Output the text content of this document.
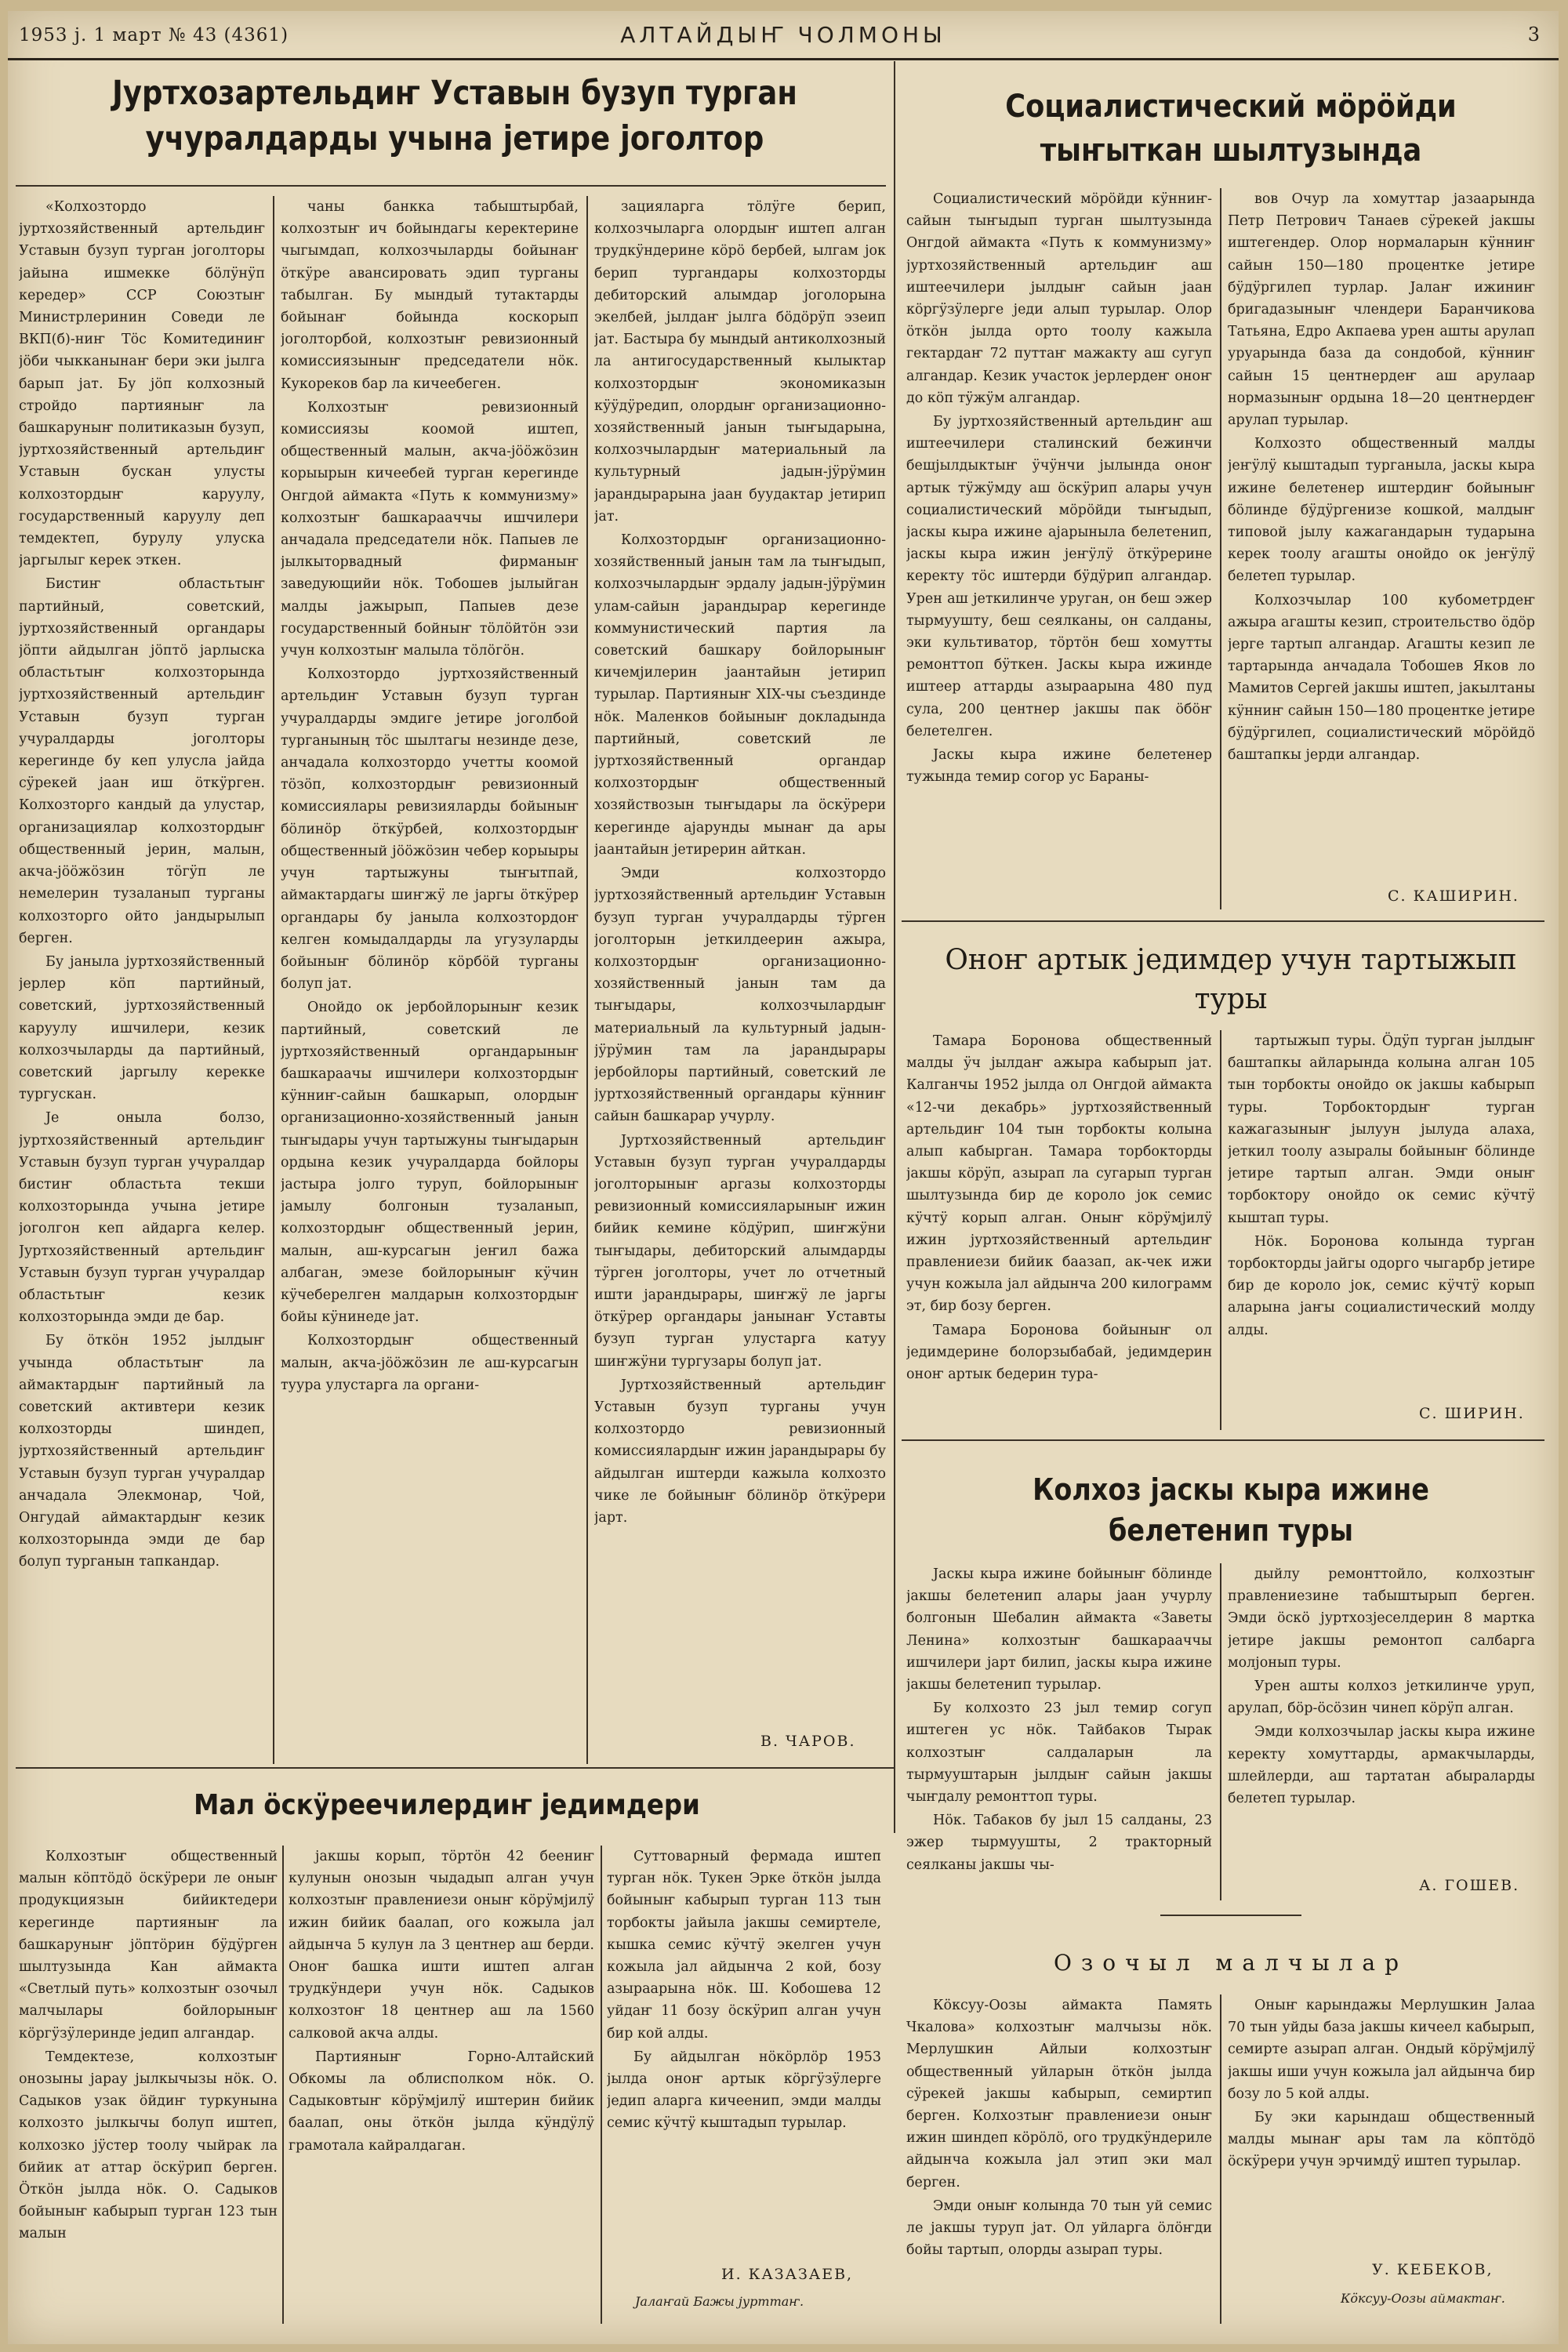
1953 ј. 1 март № 43 (4361)	АЛТАЙДЫҤ ЧОЛМОНЫ	3
Јуртхозартельдиҥ Уставын бузуп турган учуралдарды учына јетире јоголтор

«Колхозтордо јуртхозяйственный артельдиҥ Уставын бузуп турган јоголторы јайына ишмекке бӧлӱнӱп кередер» ССР Союзтыҥ Министрлеринин Соведи ле ВКП(б)-ниҥ Тӧс Комитединиҥ јӧби чыкканынаҥ бери эки јылга барып јат. Бу јӧп колхозный стройдо партияныҥ ла башкаруныҥ политиказын бузуп, јуртхозяйственный артельдиҥ Уставын бускан улусты колхозтордыҥ каруулу, государственный каруулу деп темдектеп, бурулу улуска јаргылыг керек эткен.

Бистиҥ областьтыҥ партийный, советский, јуртхозяйственный органдары јӧпти айдылган јӧптӧ јарлыска областьтыҥ колхозторында јуртхозяйственный артельдиҥ Уставын бузуп турган учуралдарды јоголторы керегинде бу кеп улусла јайда сӱрекей јаан иш ӧткӱрген. Колхозторго кандый да улустар, организациялар колхозтордыҥ общественный јерин, малын, акча-јӧӧжӧзин тӧгӱп ле немелерин тузаланып турганы колхозторго ойто јандырылып берген.

Бу јаныла јуртхозяйственный јерлер кӧп партийный, советский, јуртхозяйственный каруулу ишчилери, кезик колхозчыларды да партийный, советский јаргылу керекке тургускан.

Је оныла болзо, јуртхозяйственный артельдиҥ Уставын бузуп турган учуралдар бистиҥ областьта текши колхозторында учына јетире јоголгон кеп айдарга келер. Јуртхозяйственный артельдиҥ Уставын бузуп турган учуралдар областьтыҥ кезик колхозторында эмди де бар.

Бу ӧткӧн 1952 јылдыҥ учында областьтыҥ ла аймактардыҥ партийный ла советский активтери кезик колхозторды шиндеп, јуртхозяйственный артельдиҥ Уставын бузуп турган учуралдар анчадала Элекмонар, Чой, Онгудай аймактардыҥ кезик колхозторында эмди де бар болуп турганын тапкандар.

чаны банкка табыштырбай, колхозтыҥ ич бойындагы керектерине чыгымдап, колхозчыларды бойынаҥ ӧткӱре авансировать эдип турганы табылган. Бу мындый тутактарды бойынаҥ бойында коскорып јоголторбой, колхозтыҥ ревизионный комиссиязыныҥ председатели нӧк. Кукореков бар ла кичеебеген.

Колхозтыҥ ревизионный комиссиязы коомой иштеп, общественный малын, акча-јӧӧжӧзин корыырын кичеебей турган керегинде Онгдой аймакта «Путь к коммунизму» колхозтыҥ башкарааччы ишчилери анчадала председатели нӧк. Папыев ле јылкыторвадный фирманыҥ заведующийи нӧк. Тобошев јылыйган малды јажырып, Папыев дезе государственный бойныҥ тӧлӧйтӧн эзи учун колхозтыҥ малыла тӧлӧгӧн.

Колхозтордо јуртхозяйственный артельдиҥ Уставын бузуп турган учуралдарды эмдиге јетире јоголбой турганының тӧс шылтагы незинде дезе, анчадала колхозтордо учетты коомой тӧзӧп, колхозтордыҥ ревизионный комиссиялары ревизияларды бойыныҥ бӧлинӧр ӧткӱрбей, колхозтордыҥ общественный јӧӧжӧзин чебер корыыры учун тартыжуны тыҥытпай, аймактардагы шиҥжӱ ле јаргы ӧткӱрер органдары бу јаныла колхозтордоҥ келген комыдалдарды ла угузуларды бойыныҥ бӧлинӧр кӧрбӧй турганы болуп јат.

Онойдо ок јербойлорыныҥ кезик партийный, советский ле јуртхозяйственный органдарыныҥ башкараачы ишчилери колхозтордыҥ кӱнниҥ-сайын башкарып, олордыҥ организационно-хозяйственный јанын тыҥыдары учун тартыжуны тыҥыдарын ордына кезик учуралдарда бойлоры јастыра јолго туруп, бойлорыныҥ јамылу болгонын тузаланып, колхозтордыҥ общественный јерин, малын, аш-курсагын јеҥил бажа албаган, эмезе бойлорыныҥ кӱчин кӱчеберелген малдарын колхозтордыҥ бойы кӱнинеде јат.

Колхозтордыҥ общественный малын, акча-јӧӧжӧзин ле аш-курсагын туура улустарга ла органи-

зацияларга тӧлӱге берип, колхозчыларга олордыҥ иштеп алган трудкӱндерине кӧрӧ бербей, ылгам јок берип тургандары колхозторды дебиторский алымдар јоголорына экелбей, јылдаҥ јылга бӧдӧрӱп эзеип јат. Бастыра бу мындый антиколхозный ла антигосударственный кылыктар колхозтордыҥ экономиказын кӱӱдӱредип, олордыҥ организационно-хозяйственный јанын тыҥыдарына, колхозчылардыҥ материальный ла культурный јадын-јӱрӱмин јарандырарына јаан буудактар јетирип јат.

Колхозтордыҥ организационно-хозяйственный јанын там ла тыҥыдып, колхозчылардыҥ эрдалу јадын-јӱрӱмин улам-сайын јарандырар керегинде коммунистический партия ла советский башкару бойлорыныҥ кичемјилерин јаантайын јетирип турылар. Партияныҥ XIX-чы съездинде нӧк. Маленков бойыныҥ докладында партийный, советский ле јуртхозяйственный органдар колхозтордыҥ общественный хозяйствозын тыҥыдары ла ӧскӱрери керегинде ајарунды мынаҥ да ары јаантайын јетирерин айткан.

Эмди колхозтордо јуртхозяйственный артельдиҥ Уставын бузуп турган учуралдарды тӱрген јоголторын јеткилдеерин ажыра, колхозтордыҥ организационно-хозяйственный јанын там да тыҥыдары, колхозчылардыҥ материальный ла культурный јадын-јӱрӱмин там ла јарандырары јербойлоры партийный, советский ле јуртхозяйственный органдары кӱнниҥ сайын башкарар учурлу.

Јуртхозяйственный артельдиҥ Уставын бузуп турган учуралдарды јоголторыныҥ аргазы колхозторды ревизионный комиссияларыныҥ ижин бийик кемине кӧдӱрип, шиҥжӱни тыҥыдары, дебиторский алымдарды тӱрген јоголторы, учет ло отчетный ишти јарандырары, шиҥжӱ ле јаргы ӧткӱрер органдары јанынаҥ Уставты бузуп турган улустарга катуу шиҥжӱни тургузары болуп јат.

Јуртхозяйственный артельдиҥ Уставын бузуп турганы учун колхозтордо ревизионный комиссиялардыҥ ижин јарандырары бу айдылган иштерди кажыла колхозто чике ле бойыныҥ бӧлинӧр ӧткӱрери јарт.

В. ЧАРОВ.
Социалистический мӧрӧйди тыҥыткан шылтузында

Социалистический мӧрӧйди кӱнниҥ-сайын тыҥыдып турган шылтузында Онгдой аймакта «Путь к коммунизму» јуртхозяйственный артельдиҥ аш иштеечилери јылдыҥ сайын јаан кӧргӱзӱлерге једи алып турылар. Олор ӧткӧн јылда орто тоолу кажыла гектардаҥ 72 путтаҥ мажакту аш сугуп алгандар. Кезик участок јерлердеҥ оноҥ до кӧп тӱжӱм алгандар.

Бу јуртхозяйственный артельдиҥ аш иштеечилери сталинский бежинчи бешјылдыктыҥ ӱчӱнчи јылында оноҥ артык тӱжӱмду аш ӧскӱрип алары учун социалистический мӧрӧйди тыҥыдып, јаскы кыра ижине ајарыныла белетенип, јаскы кыра ижин јеҥӱлӱ ӧткӱрерине керекту тӧс иштерди бӱдӱрип алгандар. Урен аш јеткилинче уруган, он беш эжер тырмуушту, беш сеялканы, он салданы, эки культиватор, тӧртӧн беш хомутты ремонттоп бӱткен. Јаскы кыра ижинде иштеер аттарды азыраарына 480 пуд сула, 200 центнер јакшы пак ӧбӧҥ белетелген.

Јаскы кыра ижине белетенер тужында темир согор ус Бараны-

вов Очур ла хомуттар јазаарында Петр Петрович Танаев сӱрекей јакшы иштегендер. Олор нормаларын кӱнниҥ сайын 150—180 процентке јетире бӱдӱргилеп турлар. Јалаҥ ижиниҥ бригадазыныҥ члендери Баранчикова Татьяна, Едро Акпаева урен ашты арулап уруарында база да сондобой, кӱнниҥ сайын 15 центнердеҥ аш арулаар нормазыныҥ ордына 18—20 центнердеҥ арулап турылар.

Колхозто общественный малды јеҥӱлӱ кыштадып турганыла, јаскы кыра ижине белетенер иштердиҥ бойыныҥ бӧлинде бӱдӱргенизе кошкой, малдыҥ типовой јылу кажагандарын тударына керек тоолу агашты онойдо ок јеҥӱлӱ белетеп турылар.

Колхозчылар 100 кубометрдеҥ ажыра агашты кезип, строительство ӧдӧр јерге тартып алгандар. Агашты кезип ле тартарында анчадала Тобошев Яков ло Мамитов Сергей јакшы иштеп, јакылтаны кӱнниҥ сайын 150—180 процентке јетире бӱдӱргилеп, социалистический мӧрӧйдӧ баштапкы јерди алгандар.

С. КАШИРИН.
Оноҥ артык једимдер учун тартыжып туры

Тамара Боронова общественный малды ӱч јылдаҥ ажыра кабырып јат. Калганчы 1952 јылда ол Онгдой аймакта «12-чи декабрь» јуртхозяйственный артельдиҥ 104 тын торбокты колына алып кабырган. Тамара торбокторды јакшы кӧрӱп, азырап ла сугарып турган шылтузында бир де короло јок семис кӱчтӱ корып алган. Оныҥ кӧрӱмјилӱ ижин јуртхозяйственный артельдиҥ правлениези бийик баазап, ак-чек ижи учун кожыла јал айдынча 200 килограмм эт, бир бозу берген.

Тамара Боронова бойыныҥ ол једимдерине болорзыбабай, једимдерин оноҥ артык бедерин тура-

тартыжып туры. Ӧдӱп турган јылдыҥ баштапкы айларында колына алган 105 тын торбокты онойдо ок јакшы кабырып туры. Торбоктордыҥ турган кажагазыныҥ јылуун јылуда алаха, јеткил тоолу азыралы бойыныҥ бӧлинде јетире тартып алган. Эмди оныҥ торбоктору онойдо ок семис кӱчтӱ кыштап туры.

Нӧк. Боронова колында турган торбокторды јайгы одорго чыгарбр јетире бир де короло јок, семис кӱчтӱ корып аларына јаҥы социалистический молду алды.

С. ШИРИН.
Колхоз јаскы кыра ижине белетенип туры

Јаскы кыра ижине бойыныҥ бӧлинде јакшы белетенип алары јаан учурлу болгонын Шебалин аймакта «Заветы Ленина» колхозтыҥ башкарааччы ишчилери јарт билип, јаскы кыра ижине јакшы белетенип турылар.

Бу колхозто 23 јыл темир согуп иштеген ус нӧк. Тайбаков Тырак колхозтыҥ салдаларын ла тырмууштарын јылдыҥ сайын јакшы чыҥдалу ремонттоп туры.

Нӧк. Табаков бу јыл 15 салданы, 23 эжер тырмуушты, 2 тракторный сеялканы јакшы чы-

дыйлу ремонттойло, колхозтыҥ правлениезине табыштырып берген. Эмди ӧскӧ јуртхозјеселдерин 8 мартка јетире јакшы ремонтоп салбарга молјонып туры.

Урен ашты колхоз јеткилинче уруп, арулап, бӧр-ӧсӧзин чинеп кӧрӱп алган.

Эмди колхозчылар јаскы кыра ижине керекту хомуттарды, армакчыларды, шлейлерди, аш тартатан абыраларды белетеп турылар.

А. ГОШЕВ.
Мал ӧскӱреечилердиҥ једимдери

Колхозтыҥ общественный малын кӧптӧдӧ ӧскӱрери ле оныҥ продукциязын бийиктедери керегинде партияныҥ ла башкаруныҥ јӧптӧрин бӱдӱрген шылтузында Кан аймакта «Светлый путь» колхозтыҥ озочыл малчылары бойлорыныҥ кӧргӱзӱлеринде једип алгандар.

Темдектезе, колхозтыҥ онозыны јарау јылкычызы нӧк. О. Садыков узак ӧйдиҥ туркунына колхозто јылкычы болуп иштеп, колхозко јӱстер тоолу чыйрак ла бийик ат аттар ӧскӱрип берген. Ӧткӧн јылда нӧк. О. Садыков бойыныҥ кабырып турган 123 тын малын

јакшы корып, тӧртӧн 42 беениҥ кулунын онозын чыдадып алган учун колхозтыҥ правлениези оныҥ кӧрӱмјилӱ ижин бийик баалап, ого кожыла јал айдынча 5 кулун ла 3 центнер аш берди. Оноҥ башка ишти иштеп алган трудкӱндери учун нӧк. Садыков колхозтоҥ 18 центнер аш ла 1560 салковой акча алды.

Партияныҥ Горно-Алтайский Обкомы ла облисполком нӧк. О. Садыковтыҥ кӧрӱмјилӱ иштерин бийик баалап, оны ӧткӧн јылда кӱндӱлӱ грамотала кайралдаган.

Суттоварный фермада иштеп турган нӧк. Тукен Эрке ӧткӧн јылда бойыныҥ кабырып турган 113 тын торбокты јайыла јакшы семиртеле, кышка семис кӱчтӱ экелген учун кожыла јал айдынча 2 кой, бозу азыраарына нӧк. Ш. Кобошева 12 уйдаҥ 11 бозу ӧскӱрип алган учун бир кой алды.

Бу айдылган нӧкӧрлӧр 1953 јылда оноҥ артык кӧргӱзӱлерге једип аларга кичеенип, эмди малды семис кӱчтӱ кыштадып турылар.

И. КАЗАЗАЕВ,
Јалаҥай Бажы јурттаҥ.
Озочыл малчылар

Кӧксуу-Оозы аймакта Память Чкалова» колхозтыҥ малчызы нӧк. Мерлушкин Айлыи колхозтыҥ общественный уйларын ӧткӧн јылда сӱрекей јакшы кабырып, семиртип берген. Колхозтыҥ правлениези оныҥ ижин шиндеп кӧрӧлӧ, ого трудкӱндериле айдынча кожыла јал этип эки мал берген.

Эмди оныҥ колында 70 тын уй семис ле јакшы туруп јат. Ол уйларга ӧлӧҥди бойы тартып, олорды азырап туры.

Оныҥ карындажы Мерлушкин Јалаа 70 тын уйды база јакшы кичеел кабырып, семирте азырап алган. Ондый кӧрӱмјилӱ јакшы иши учун кожыла јал айдынча бир бозу ло 5 кой алды.

Бу эки карындаш общественный малды мынаҥ ары там ла кӧптӧдӧ ӧскӱрери учун эрчимдӱ иштеп турылар.

У. КЕБЕКОВ,
Кӧксуу-Оозы аймактаҥ.
